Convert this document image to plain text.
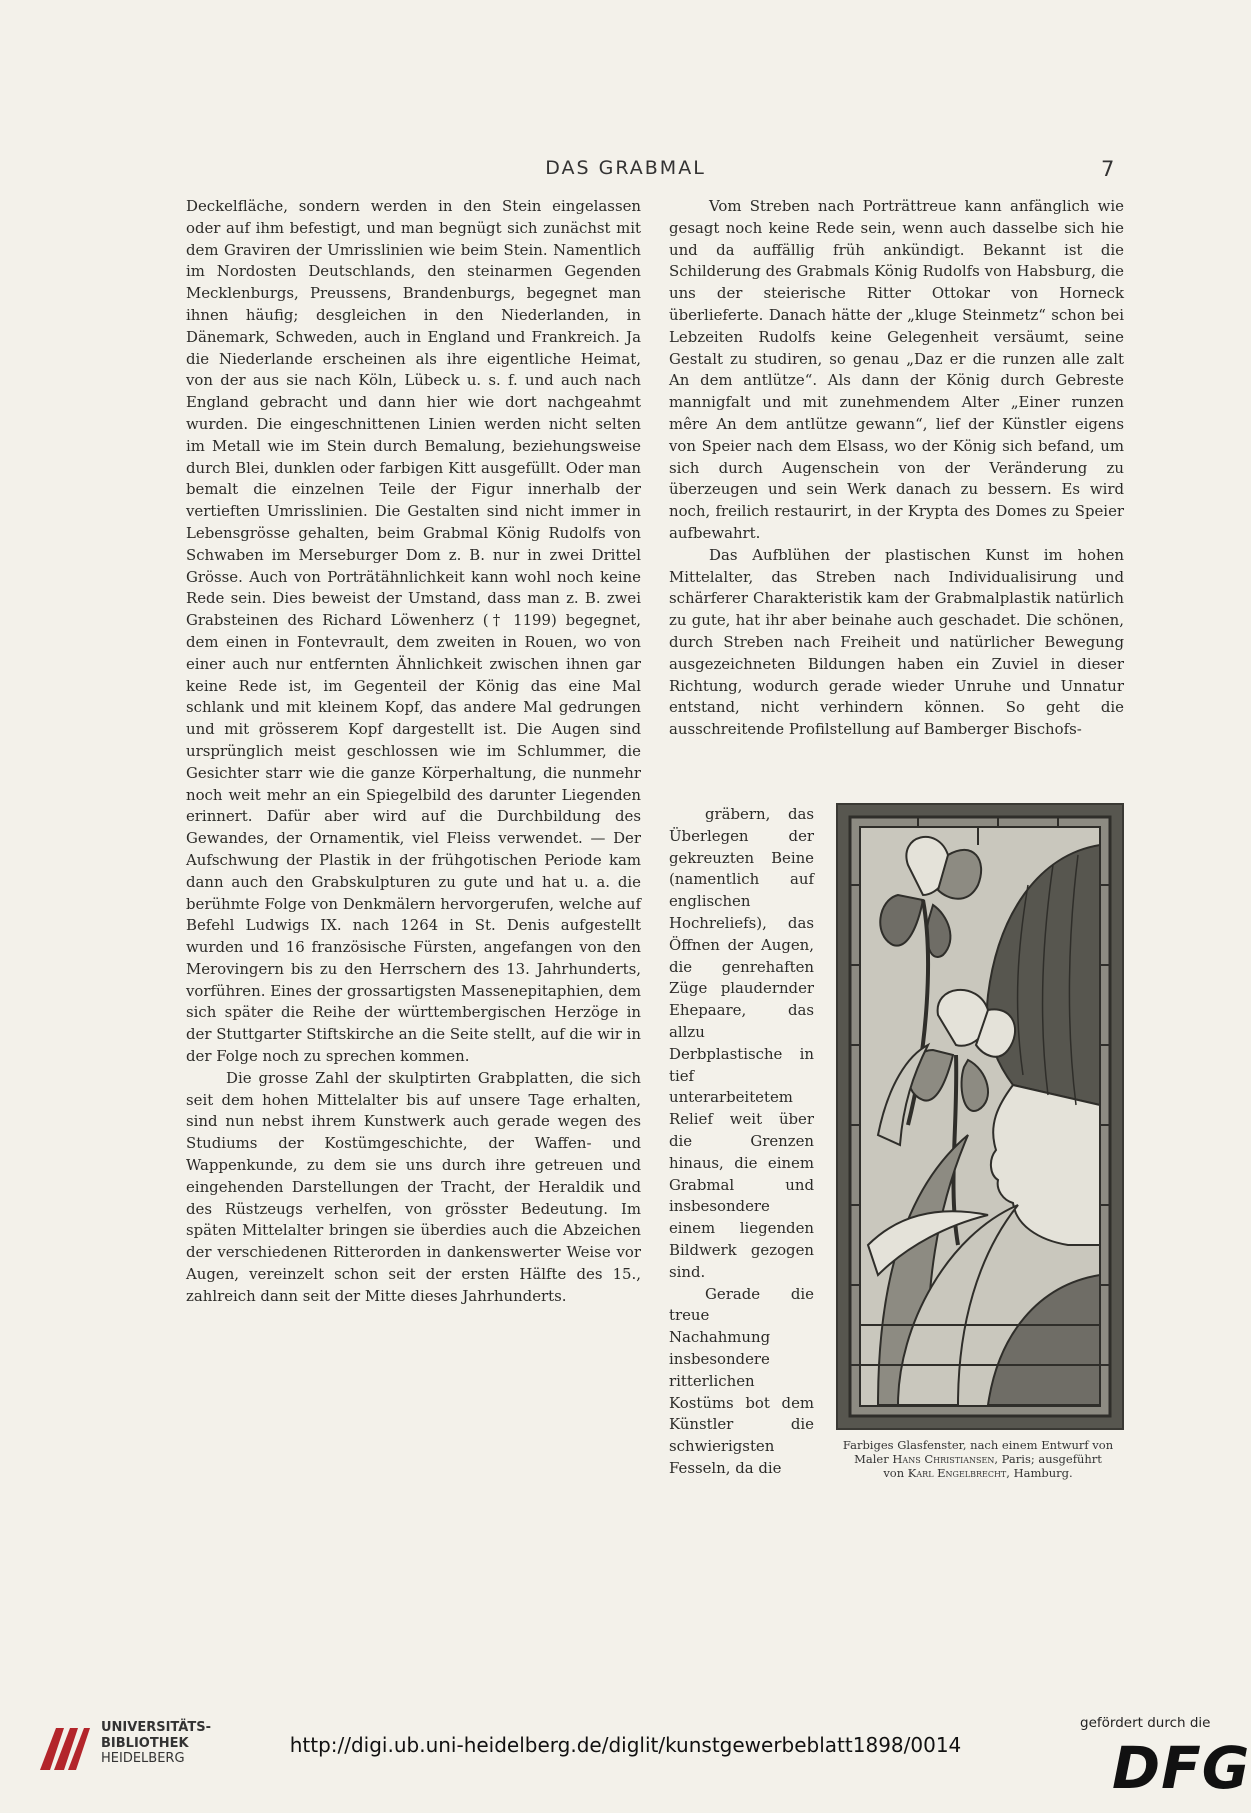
DAS GRABMAL	7

Deckelfläche, sondern werden in den Stein eingelassen oder auf ihm befestigt, und man begnügt sich zunächst mit dem Graviren der Umrisslinien wie beim Stein. Namentlich im Nordosten Deutschlands, den steinarmen Gegenden Mecklenburgs, Preussens, Brandenburgs, begegnet man ihnen häufig; desgleichen in den Niederlanden, in Dänemark, Schweden, auch in England und Frankreich. Ja die Niederlande erscheinen als ihre eigentliche Heimat, von der aus sie nach Köln, Lübeck u. s. f. und auch nach England gebracht und dann hier wie dort nachgeahmt wurden. Die eingeschnittenen Linien werden nicht selten im Metall wie im Stein durch Bemalung, beziehungsweise durch Blei, dunklen oder farbigen Kitt ausgefüllt. Oder man bemalt die einzelnen Teile der Figur innerhalb der vertieften Umrisslinien. Die Gestalten sind nicht immer in Lebensgrösse gehalten, beim Grabmal König Rudolfs von Schwaben im Merseburger Dom z. B. nur in zwei Drittel Grösse. Auch von Porträtähnlichkeit kann wohl noch keine Rede sein. Dies beweist der Umstand, dass man z. B. zwei Grabsteinen des Richard Löwenherz († 1199) begegnet, dem einen in Fontevrault, dem zweiten in Rouen, wo von einer auch nur entfernten Ähnlichkeit zwischen ihnen gar keine Rede ist, im Gegenteil der König das eine Mal schlank und mit kleinem Kopf, das andere Mal gedrungen und mit grösserem Kopf dargestellt ist. Die Augen sind ursprünglich meist geschlossen wie im Schlummer, die Gesichter starr wie die ganze Körperhaltung, die nunmehr noch weit mehr an ein Spiegelbild des darunter Liegenden erinnert. Dafür aber wird auf die Durchbildung des Gewandes, der Ornamentik, viel Fleiss verwendet. — Der Aufschwung der Plastik in der frühgotischen Periode kam dann auch den Grabskulpturen zu gute und hat u. a. die berühmte Folge von Denkmälern hervorgerufen, welche auf Befehl Ludwigs IX. nach 1264 in St. Denis aufgestellt wurden und 16 französische Fürsten, angefangen von den Merovingern bis zu den Herrschern des 13. Jahrhunderts, vorführen. Eines der grossartigsten Massenepitaphien, dem sich später die Reihe der württembergischen Herzöge in der Stuttgarter Stiftskirche an die Seite stellt, auf die wir in der Folge noch zu sprechen kommen.

Die grosse Zahl der skulptirten Grabplatten, die sich seit dem hohen Mittelalter bis auf unsere Tage erhalten, sind nun nebst ihrem Kunstwerk auch gerade wegen des Studiums der Kostümgeschichte, der Waffen- und Wappenkunde, zu dem sie uns durch ihre getreuen und eingehenden Darstellungen der Tracht, der Heraldik und des Rüstzeugs verhelfen, von grösster Bedeutung. Im späten Mittelalter bringen sie überdies auch die Abzeichen der verschiedenen Ritterorden in dankenswerter Weise vor Augen, vereinzelt schon seit der ersten Hälfte des 15., zahlreich dann seit der Mitte dieses Jahrhunderts.

Vom Streben nach Porträttreue kann anfänglich wie gesagt noch keine Rede sein, wenn auch dasselbe sich hie und da auffällig früh ankündigt. Bekannt ist die Schilderung des Grabmals König Rudolfs von Habsburg, die uns der steierische Ritter Ottokar von Horneck überlieferte. Danach hätte der „kluge Steinmetz“ schon bei Lebzeiten Rudolfs keine Gelegenheit versäumt, seine Gestalt zu studiren, so genau „Daz er die runzen alle zalt An dem antlütze“. Als dann der König durch Gebreste mannigfalt und mit zunehmendem Alter „Einer runzen mêre An dem antlütze gewann“, lief der Künstler eigens von Speier nach dem Elsass, wo der König sich befand, um sich durch Augenschein von der Veränderung zu überzeugen und sein Werk danach zu bessern. Es wird noch, freilich restaurirt, in der Krypta des Domes zu Speier aufbewahrt.

Das Aufblühen der plastischen Kunst im hohen Mittelalter, das Streben nach Individualisirung und schärferer Charakteristik kam der Grabmalplastik natürlich zu gute, hat ihr aber beinahe auch geschadet. Die schönen, durch Streben nach Freiheit und natürlicher Bewegung ausgezeichneten Bildungen haben ein Zuviel in dieser Richtung, wodurch gerade wieder Unruhe und Unnatur entstand, nicht verhindern können. So geht die ausschreitende Profilstellung auf Bamberger Bischofs-

gräbern, das Überlegen der gekreuzten Beine (namentlich auf englischen Hochreliefs), das Öffnen der Augen, die genrehaften Züge plaudernder Ehepaare, das allzu Derbplastische in tief unterarbeitetem Relief weit über die Grenzen hinaus, die einem Grabmal und insbesondere einem liegenden Bildwerk gezogen sind.

Gerade die treue Nachahmung insbesondere ritterlichen Kostüms bot dem Künstler die schwierigsten Fesseln, da die

Farbiges Glasfenster, nach einem Entwurf von
Maler Hans Christiansen, Paris; ausgeführt
von Karl Engelbrecht, Hamburg.
UNIVERSITÄTS-
BIBLIOTHEK
HEIDELBERG
http://digi.ub.uni-heidelberg.de/diglit/kunstgewerbeblatt1898/0014
gefördert durch die
DFG
